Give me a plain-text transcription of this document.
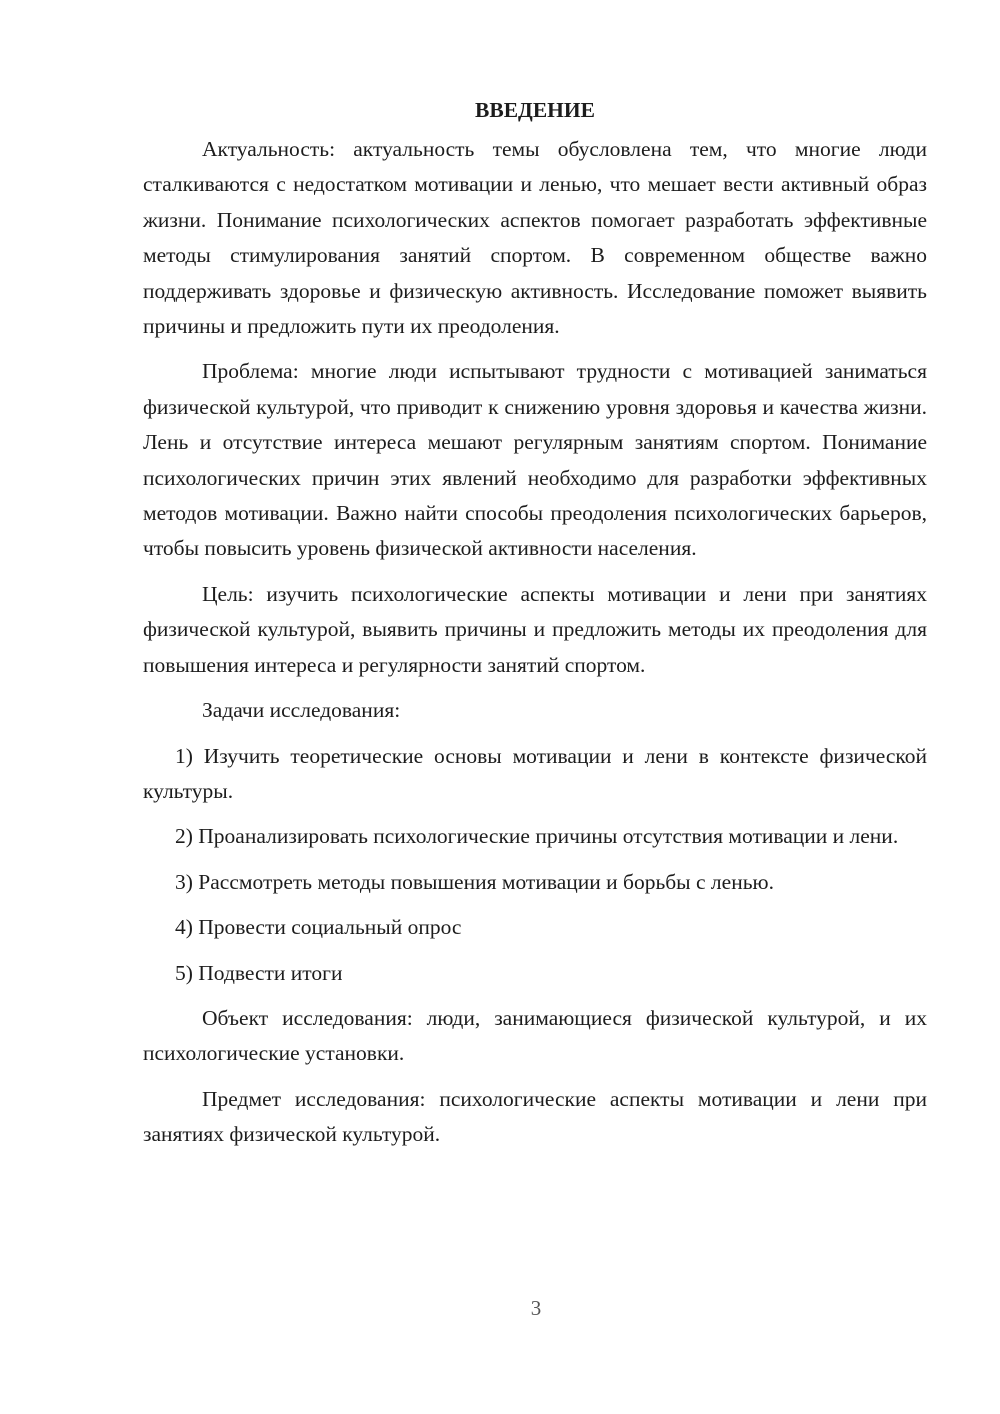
ВВЕДЕНИЕ

Актуальность: актуальность темы обусловлена тем, что многие люди сталкиваются с недостатком мотивации и ленью, что мешает вести активный образ жизни. Понимание психологических аспектов помогает разработать эффективные методы стимулирования занятий спортом. В современном обществе важно поддерживать здоровье и физическую активность. Исследование поможет выявить причины и предложить пути их преодоления.

Проблема: многие люди испытывают трудности с мотивацией заниматься физической культурой, что приводит к снижению уровня здоровья и качества жизни. Лень и отсутствие интереса мешают регулярным занятиям спортом. Понимание психологических причин этих явлений необходимо для разработки эффективных методов мотивации. Важно найти способы преодоления психологических барьеров, чтобы повысить уровень физической активности населения.

Цель: изучить психологические аспекты мотивации и лени при занятиях физической культурой, выявить причины и предложить методы их преодоления для повышения интереса и регулярности занятий спортом.

Задачи исследования:

1) Изучить теоретические основы мотивации и лени в контексте физической культуры.
2) Проанализировать психологические причины отсутствия мотивации и лени.
3) Рассмотреть методы повышения мотивации и борьбы с ленью.
4) Провести социальный опрос
5) Подвести итоги

Объект исследования: люди, занимающиеся физической культурой, и их психологические установки.

Предмет исследования: психологические аспекты мотивации и лени при занятиях физической культурой.

3
